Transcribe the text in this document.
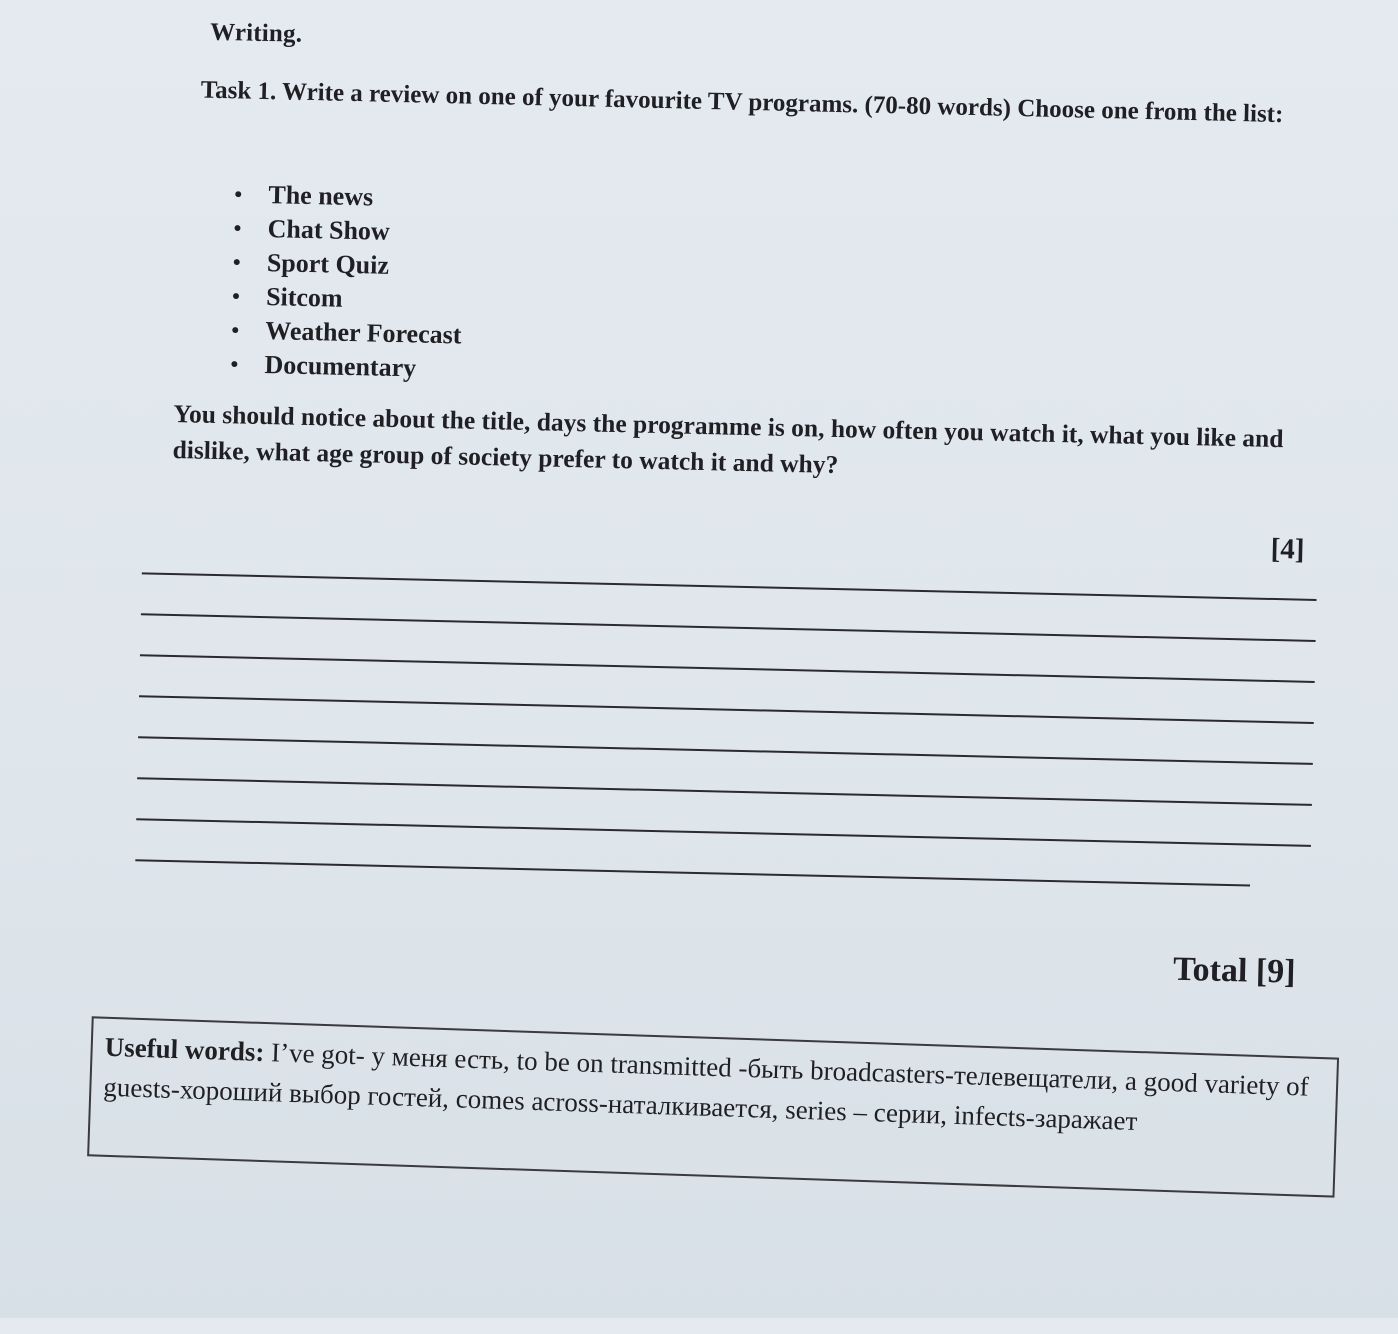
Writing.
Task 1. Write a review on one of your favourite TV programs. (70-80 words) Choose one from the list:
• The news
• Chat Show
• Sport Quiz
• Sitcom
• Weather Forecast
• Documentary
You should notice about the title, days the programme is on, how often you watch it, what you like and dislike, what age group of society prefer to watch it and why?
[4]
Total [9]
Useful words: I’ve got- у меня есть, to be on transmitted -быть broadcasters-телевещатели, a good variety of guests-хороший выбор гостей, comes across-наталкивается, series – серии, infects-заражает
